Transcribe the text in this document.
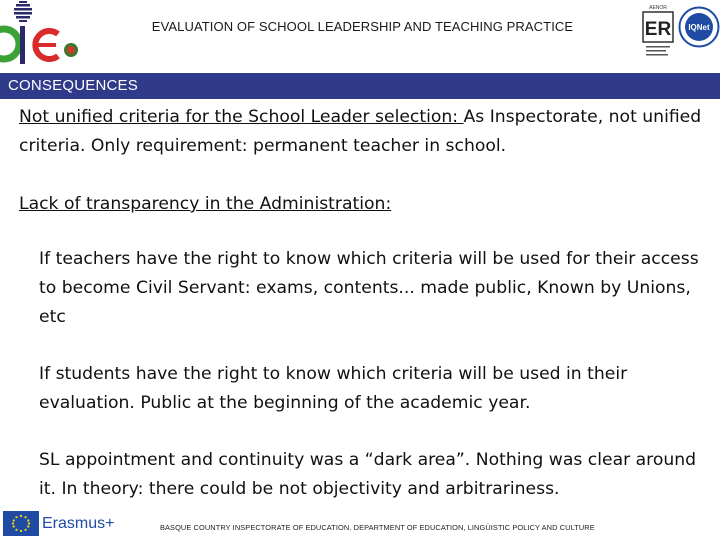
EVALUATION OF SCHOOL LEADERSHIP AND TEACHING PRACTICE
AENOR
ER IQNet
CONSEQUENCES

Not unified criteria for the School Leader selection: As Inspectorate, not unified criteria. Only requirement: permanent teacher in school.

Lack of transparency in the Administration:

If teachers have the right to know which criteria will be used for their access to become Civil Servant: exams, contents... made public, Known by Unions, etc

If students have the right to know which criteria will be used in their evaluation. Public at the beginning of the academic year.

SL appointment and continuity was a “dark area”. Nothing was clear around it. In theory: there could be not objectivity and arbitrariness.

Erasmus+	BASQUE COUNTRY INSPECTORATE OF EDUCATION. DEPARTMENT OF EDUCATION, LINGÜISTIC POLICY AND CULTURE
